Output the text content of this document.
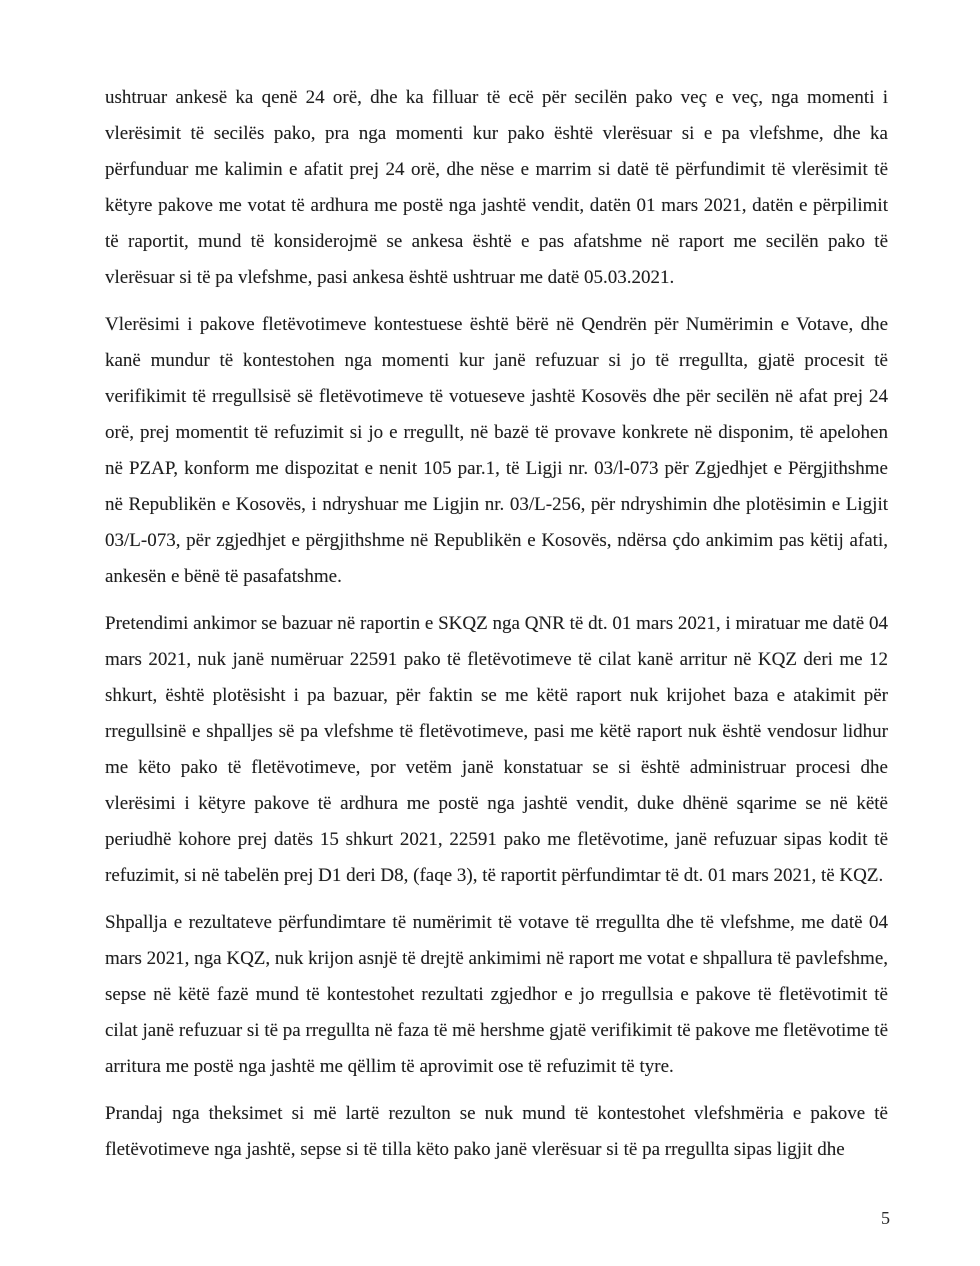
ushtruar ankesë ka qenë 24 orë, dhe ka filluar të ecë për secilën pako veç e veç, nga momenti i vlerësimit të secilës pako, pra nga momenti kur pako është vlerësuar si e pa vlefshme, dhe ka përfunduar me kalimin e afatit prej 24 orë, dhe nëse e marrim si datë të përfundimit të vlerësimit të këtyre pakove me votat të ardhura me postë nga jashtë vendit, datën 01 mars 2021, datën e përpilimit të raportit, mund të konsiderojmë se ankesa është e pas afatshme në raport me secilën pako të vlerësuar si të pa vlefshme, pasi ankesa është ushtruar me datë 05.03.2021.

Vlerësimi i pakove fletëvotimeve kontestuese është bërë në Qendrën për Numërimin e Votave, dhe kanë mundur të kontestohen nga momenti kur janë refuzuar si jo të rregullta, gjatë procesit të verifikimit të rregullsisë së fletëvotimeve të votueseve jashtë Kosovës dhe për secilën në afat prej 24 orë, prej momentit të refuzimit si jo e rregullt, në bazë të provave konkrete në disponim, të apelohen në PZAP, konform me dispozitat e nenit 105 par.1, të Ligji nr. 03/l-073 për Zgjedhjet e Përgjithshme në Republikën e Kosovës, i ndryshuar me Ligjin nr. 03/L-256, për ndryshimin dhe plotësimin e Ligjit 03/L-073, për zgjedhjet e përgjithshme në Republikën e Kosovës, ndërsa çdo ankimim pas këtij afati, ankesën e bënë të pasafatshme.

Pretendimi ankimor se bazuar në raportin e SKQZ nga QNR të dt. 01 mars 2021, i miratuar me datë 04 mars 2021, nuk janë numëruar 22591 pako të fletëvotimeve të cilat kanë arritur në KQZ deri me 12 shkurt, është plotësisht i pa bazuar, për faktin se me këtë raport nuk krijohet baza e atakimit për rregullsinë e shpalljes së pa vlefshme të fletëvotimeve, pasi me këtë raport nuk është vendosur lidhur me këto pako të fletëvotimeve, por vetëm janë konstatuar se si është administruar procesi dhe vlerësimi i këtyre pakove të ardhura me postë nga jashtë vendit, duke dhënë sqarime se në këtë periudhë kohore prej datës 15 shkurt 2021, 22591 pako me fletëvotime, janë refuzuar sipas kodit të refuzimit, si në tabelën prej D1 deri D8, (faqe 3), të raportit përfundimtar të dt. 01 mars 2021, të KQZ.

Shpallja e rezultateve përfundimtare të numërimit të votave të rregullta dhe të vlefshme, me datë 04 mars 2021, nga KQZ, nuk krijon asnjë të drejtë ankimimi në raport me votat e shpallura të pavlefshme, sepse në këtë fazë mund të kontestohet rezultati zgjedhor e jo rregullsia e pakove të fletëvotimit të cilat janë refuzuar si të pa rregullta në faza të më hershme gjatë verifikimit të pakove me fletëvotime të arritura me postë nga jashtë me qëllim të aprovimit ose të refuzimit të tyre.

Prandaj nga theksimet si më lartë rezulton se nuk mund të kontestohet vlefshmëria e pakove të fletëvotimeve nga jashtë, sepse si të tilla këto pako janë vlerësuar si të pa rregullta sipas ligjit dhe

5
